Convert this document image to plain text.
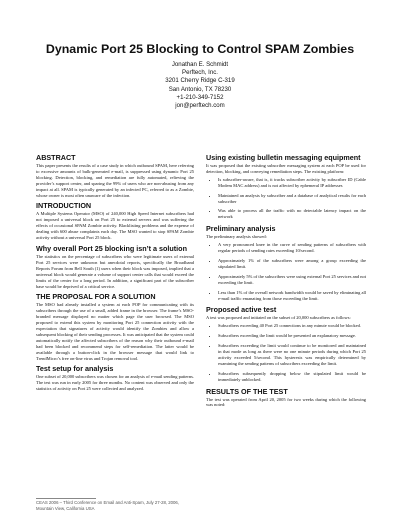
Dynamic Port 25 Blocking to Control SPAM Zombies
Jonathan E. Schmidt
Perftech, Inc.
3201 Cherry Ridge C-319
San Antonio, TX 78230
+1-210-349-7152
jon@perftech.com
ABSTRACT
This paper presents the results of a case study in which outbound SPAM, here referring to excessive amounts of bulk-generated e-mail, is suppressed using dynamic Port 25 blocking. Detection, blocking, and remediation are fully automated, relieving the provider’s support center, and sparing the 99% of users who are non-abusing from any impact at all. SPAM is typically generated by an infected PC, referred to as a Zombie, whose owner is most often unaware of the infection.
INTRODUCTION
A Multiple Systems Operator (MSO) of 240,000 High Speed Internet subscribers had not imposed a universal block on Port 25 to external servers and was suffering the effects of occasional SPAM Zombie activity. Blacklisting problems and the expense of dealing with 600 abuse complaints each day. The MSO wanted to stop SPAM Zombie activity without a universal Port 25 block.
Why overall Port 25 blocking isn’t a solution
The statistics on the percentage of subscribers who were legitimate users of external Port 25 services were unknown but anecdotal reports, specifically the Broadband Reports Forum from Bell South (1) users when their block was imposed, implied that a universal block would generate a volume of support center calls that would exceed the limits of the center for a long period. In addition, a significant part of the subscriber base would be deprived of a critical service.
THE PROPOSAL FOR A SOLUTION
The MSO had already installed a system at each POP for communicating with its subscribers through the use of a small, added frame in the browser. The frame’s MSO-branded message displayed no matter which page the user browsed. The MSO proposed to extend this system by monitoring Port 25 connection activity with the expectation that signatures of activity would identify the Zombies and allow a subsequent blocking of their sending processes. It was anticipated that the system could automatically notify the affected subscribers of the reason why their outbound e-mail had been blocked and recommend steps for self-remediation. The latter would be available through a button-click in the browser message that would link to TrendMicro’s free on-line virus and Trojan removal tool.
Test setup for analysis
One subset of 20,000 subscribers was chosen for an analysis of e-mail sending patterns. The test was run in early 2005 for three months. No content was observed and only the statistics of activity on Port 25 were collected and analyzed.
Using existing bulletin messaging equipment
It was proposed that the existing subscriber messaging system at each POP be used for detection, blocking, and conveying remediation steps. The existing platform:
• Is subscriber-aware, that is, it tracks subscriber activity by subscriber ID (Cable Modem MAC address) and is not affected by ephemeral IP addresses
• Maintained an analysis by subscriber and a database of analytical results for each subscriber
• Was able to process all the traffic with no detectable latency impact on the network
Preliminary analysis
The preliminary analysis showed:
• A very pronounced knee in the curve of sending patterns of subscribers with regular periods of sending rates exceeding 10/second.
• Approximately 1% of the subscribers were among a group exceeding the stipulated limit.
• Approximately 5% of the subscribers were using external Port 25 services and not exceeding the limit.
• Less than 1% of the overall network bandwidth would be saved by eliminating all e-mail traffic emanating from those exceeding the limit.
Proposed active test
A test was proposed and initiated on the subset of 20,000 subscribers as follows:
• Subscribers exceeding 40 Port 25 connections in any minute would be blocked.
• Subscribers exceeding the limit would be presented an explanatory message.
• Subscribers exceeding the limit would continue to be monitored and maintained in that mode as long as there were no one minute periods during which Port 25 activity exceeded 5/second. This hysteresis was empirically determined by examining the sending patterns of subscribers exceeding the limit.
• Subscribers subsequently dropping below the stipulated limit would be immediately unblocked.
RESULTS OF THE TEST
The test was operated from April 20, 2005 for two weeks during which the following was noted:
CEAS 2006 – Third Conference on Email and Anti-Spam, July 27-28, 2006, Mountain View, California USA
